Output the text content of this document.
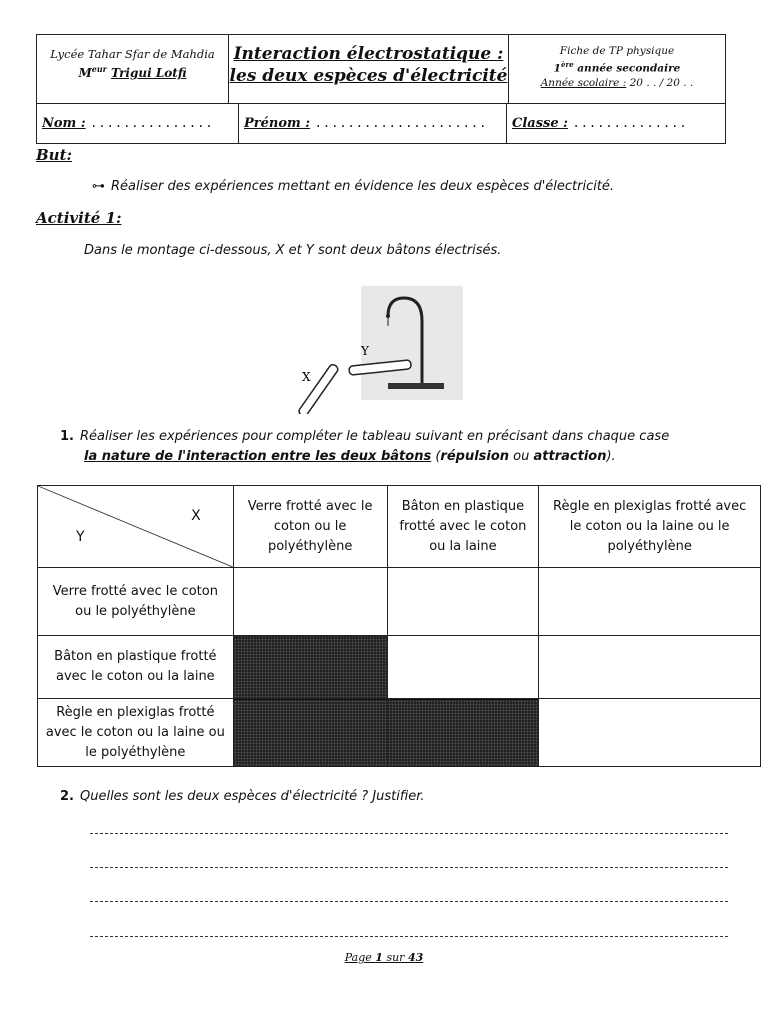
Lycée Tahar Sfar de Mahdia
$M^{eur}$ Trigui Lotfi
Interaction électrostatique :
les deux espèces d'électricité
Fiche de TP physique
1ère année secondaire
Année scolaire : 20 . . / 20 . .
Nom : ...............	Prénom : .....................	Classe : ..............
But:
⊶ Réaliser des expériences mettant en évidence les deux espèces d'électricité.
Activité 1:
Dans le montage ci-dessous, X et Y sont deux bâtons électrisés.
Y
X
1. Réaliser les expériences pour compléter le tableau suivant en précisant dans chaque case
la nature de l'interaction entre les deux bâtons (répulsion ou attraction).
X
Y	Verre frotté avec le coton ou le polyéthylène	Bâton en plastique frotté avec le coton ou la laine	Règle en plexiglas frotté avec le coton ou la laine ou le polyéthylène
Verre frotté avec le coton ou le polyéthylène			
Bâton en plastique frotté avec le coton ou la laine			
Règle en plexiglas frotté avec le coton ou la laine ou le polyéthylène			
2. Quelles sont les deux espèces d'électricité ? Justifier.
Page 1 sur 43
